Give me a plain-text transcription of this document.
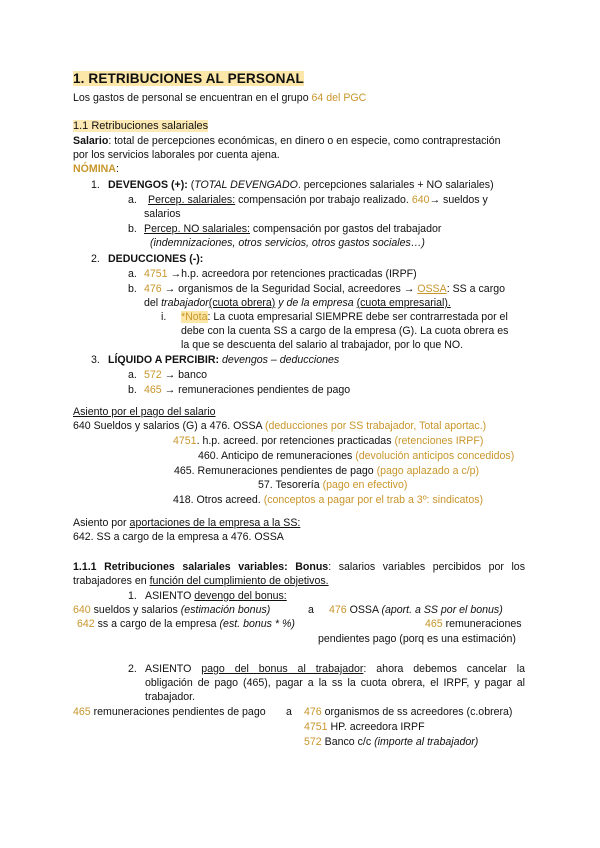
1. RETRIBUCIONES AL PERSONAL
Los gastos de personal se encuentran en el grupo 64 del PGC
1.1 Retribuciones salariales
Salario: total de percepciones económicas, en dinero o en especie, como contraprestación
por los servicios laborales por cuenta ajena.
NÓMINA:
1. DEVENGOS (+): (TOTAL DEVENGADO. percepciones salariales + NO salariales)
a. Percep. salariales: compensación por trabajo realizado. 640→ sueldos y
salarios
b. Percep. NO salariales: compensación por gastos del trabajador
(indemnizaciones, otros servicios, otros gastos sociales…)
2. DEDUCCIONES (-):
a. 4751 →h.p. acreedora por retenciones practicadas (IRPF)
b. 476 → organismos de la Seguridad Social, acreedores → OSSA: SS a cargo
del trabajador(cuota obrera) y de la empresa (cuota empresarial).
i. *Nota: La cuota empresarial SIEMPRE debe ser contrarrestada por el
debe con la cuenta SS a cargo de la empresa (G). La cuota obrera es
la que se descuenta del salario al trabajador, por lo que NO.
3. LÍQUIDO A PERCIBIR: devengos – deducciones
a. 572 → banco
b. 465 → remuneraciones pendientes de pago
Asiento por el pago del salario
640 Sueldos y salarios (G) a 476. OSSA (deducciones por SS trabajador, Total aportac.)
4751. h.p. acreed. por retenciones practicadas (retenciones IRPF)
460. Anticipo de remuneraciones (devolución anticipos concedidos)
465. Remuneraciones pendientes de pago (pago aplazado a c/p)
57. Tesorería (pago en efectivo)
418. Otros acreed. (conceptos a pagar por el trab a 3º: sindicatos)
Asiento por aportaciones de la empresa a la SS:
642. SS a cargo de la empresa a 476. OSSA
1.1.1 Retribuciones salariales variables: Bonus: salarios variables percibidos por los
trabajadores en función del cumplimiento de objetivos.
1. ASIENTO devengo del bonus:
640 sueldos y salarios (estimación bonus)	a 476 OSSA (aport. a SS por el bonus)
642 ss a cargo de la empresa (est. bonus * %)	465 remuneraciones
pendientes pago (porq es una estimación)
2. ASIENTO pago del bonus al trabajador: ahora debemos cancelar la
obligación de pago (465), pagar a la ss la cuota obrera, el IRPF, y pagar al
trabajador.
465 remuneraciones pendientes de pago a 476 organismos de ss acreedores (c.obrera)
4751 HP. acreedora IRPF
572 Banco c/c (importe al trabajador)
